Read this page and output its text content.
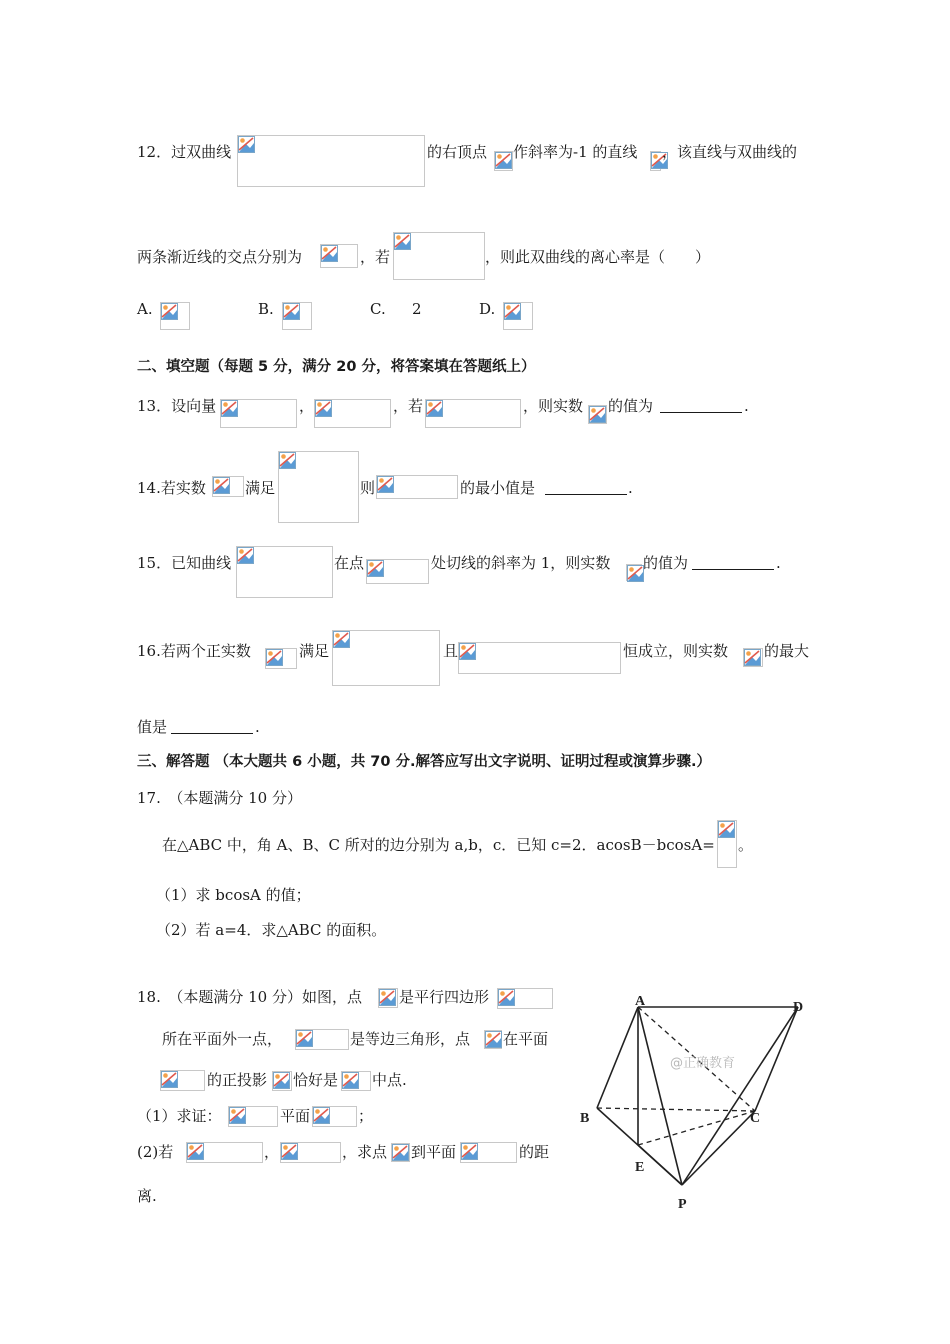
12．过双曲线	的右顶点 作斜率为-1 的直线 ，该直线与双曲线的
两条渐近线的交点分别为	，若	，则此双曲线的离心率是（　　）
A.	B.	C. 2	D.
二、填空题（每题 5 分，满分 20 分，将答案填在答题纸上）
13．设向量	，	，若	，则实数 的值为	.
14.若实数	满足	则	的最小值是	.
15．已知曲线	在点	处切线的斜率为 1，则实数 的值为	.
16.若两个正实数	满足	且	恒成立，则实数 的最大
值是	.
三、解答题 （本大题共 6 小题，共 70 分.解答应写出文字说明、证明过程或演算步骤.）
17.　（本题满分 10 分）
在△ABC 中，角 A、B、C 所对的边分别为 a,b，c．已知 c=2．acosB－bcosA= 。
（1）求 bcosA 的值；
（2）若 a=4．求△ABC 的面积。
18.　（本题满分 10 分）如图，点 是平行四边形
所在平面外一点，	是等边三角形，点 在平面
的正投影 恰好是 中点.
（1）求证：	平面	；
(2)若	，	，求点 到平面	的距
离.
A	D
B	C
E
P
@正确教育
